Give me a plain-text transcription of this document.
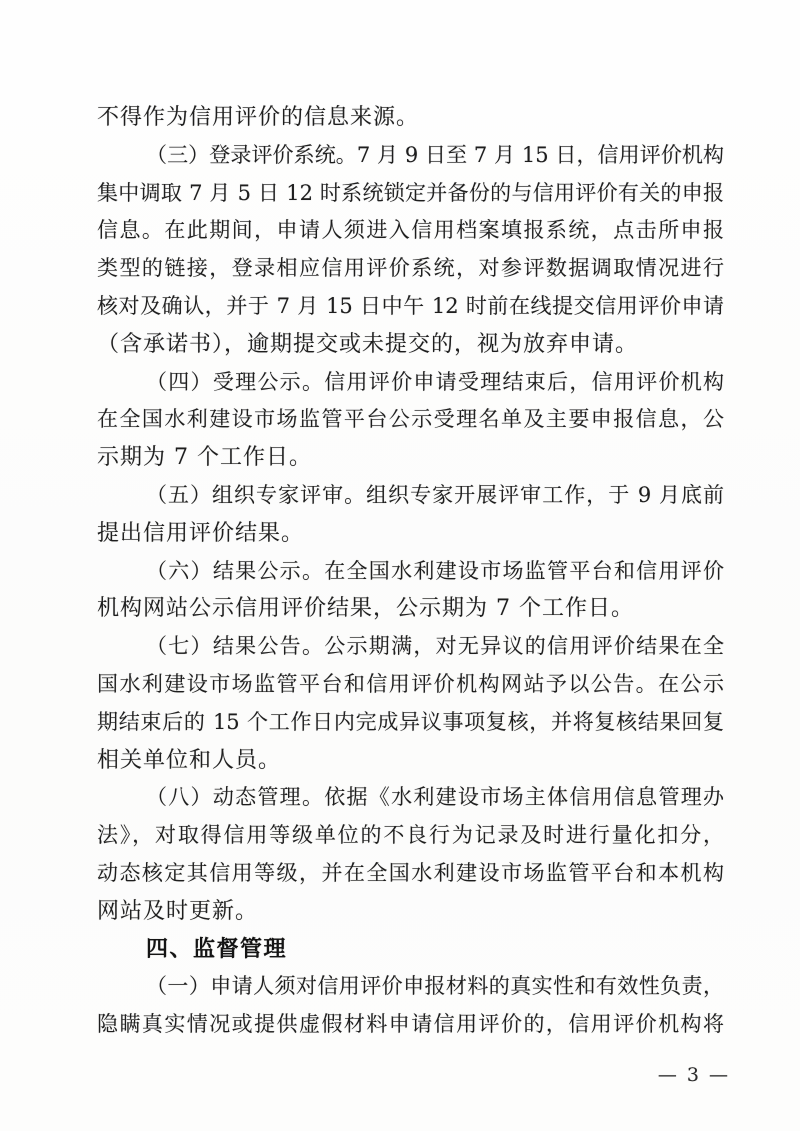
不得作为信用评价的信息来源。
（三）登录评价系统。7 月 9 日至 7 月 15 日，信用评价机构
集中调取 7 月 5 日 12 时系统锁定并备份的与信用评价有关的申报
信息。在此期间，申请人须进入信用档案填报系统，点击所申报
类型的链接，登录相应信用评价系统，对参评数据调取情况进行
核对及确认，并于 7 月 15 日中午 12 时前在线提交信用评价申请
（含承诺书），逾期提交或未提交的，视为放弃申请。
（四）受理公示。信用评价申请受理结束后，信用评价机构
在全国水利建设市场监管平台公示受理名单及主要申报信息，公
示期为 7 个工作日。
（五）组织专家评审。组织专家开展评审工作，于 9 月底前
提出信用评价结果。
（六）结果公示。在全国水利建设市场监管平台和信用评价
机构网站公示信用评价结果，公示期为 7 个工作日。
（七）结果公告。公示期满，对无异议的信用评价结果在全
国水利建设市场监管平台和信用评价机构网站予以公告。在公示
期结束后的 15 个工作日内完成异议事项复核，并将复核结果回复
相关单位和人员。
（八）动态管理。依据《水利建设市场主体信用信息管理办
法》，对取得信用等级单位的不良行为记录及时进行量化扣分，
动态核定其信用等级，并在全国水利建设市场监管平台和本机构
网站及时更新。
四、监督管理
（一）申请人须对信用评价申报材料的真实性和有效性负责，
隐瞒真实情况或提供虚假材料申请信用评价的，信用评价机构将
— 3 —
